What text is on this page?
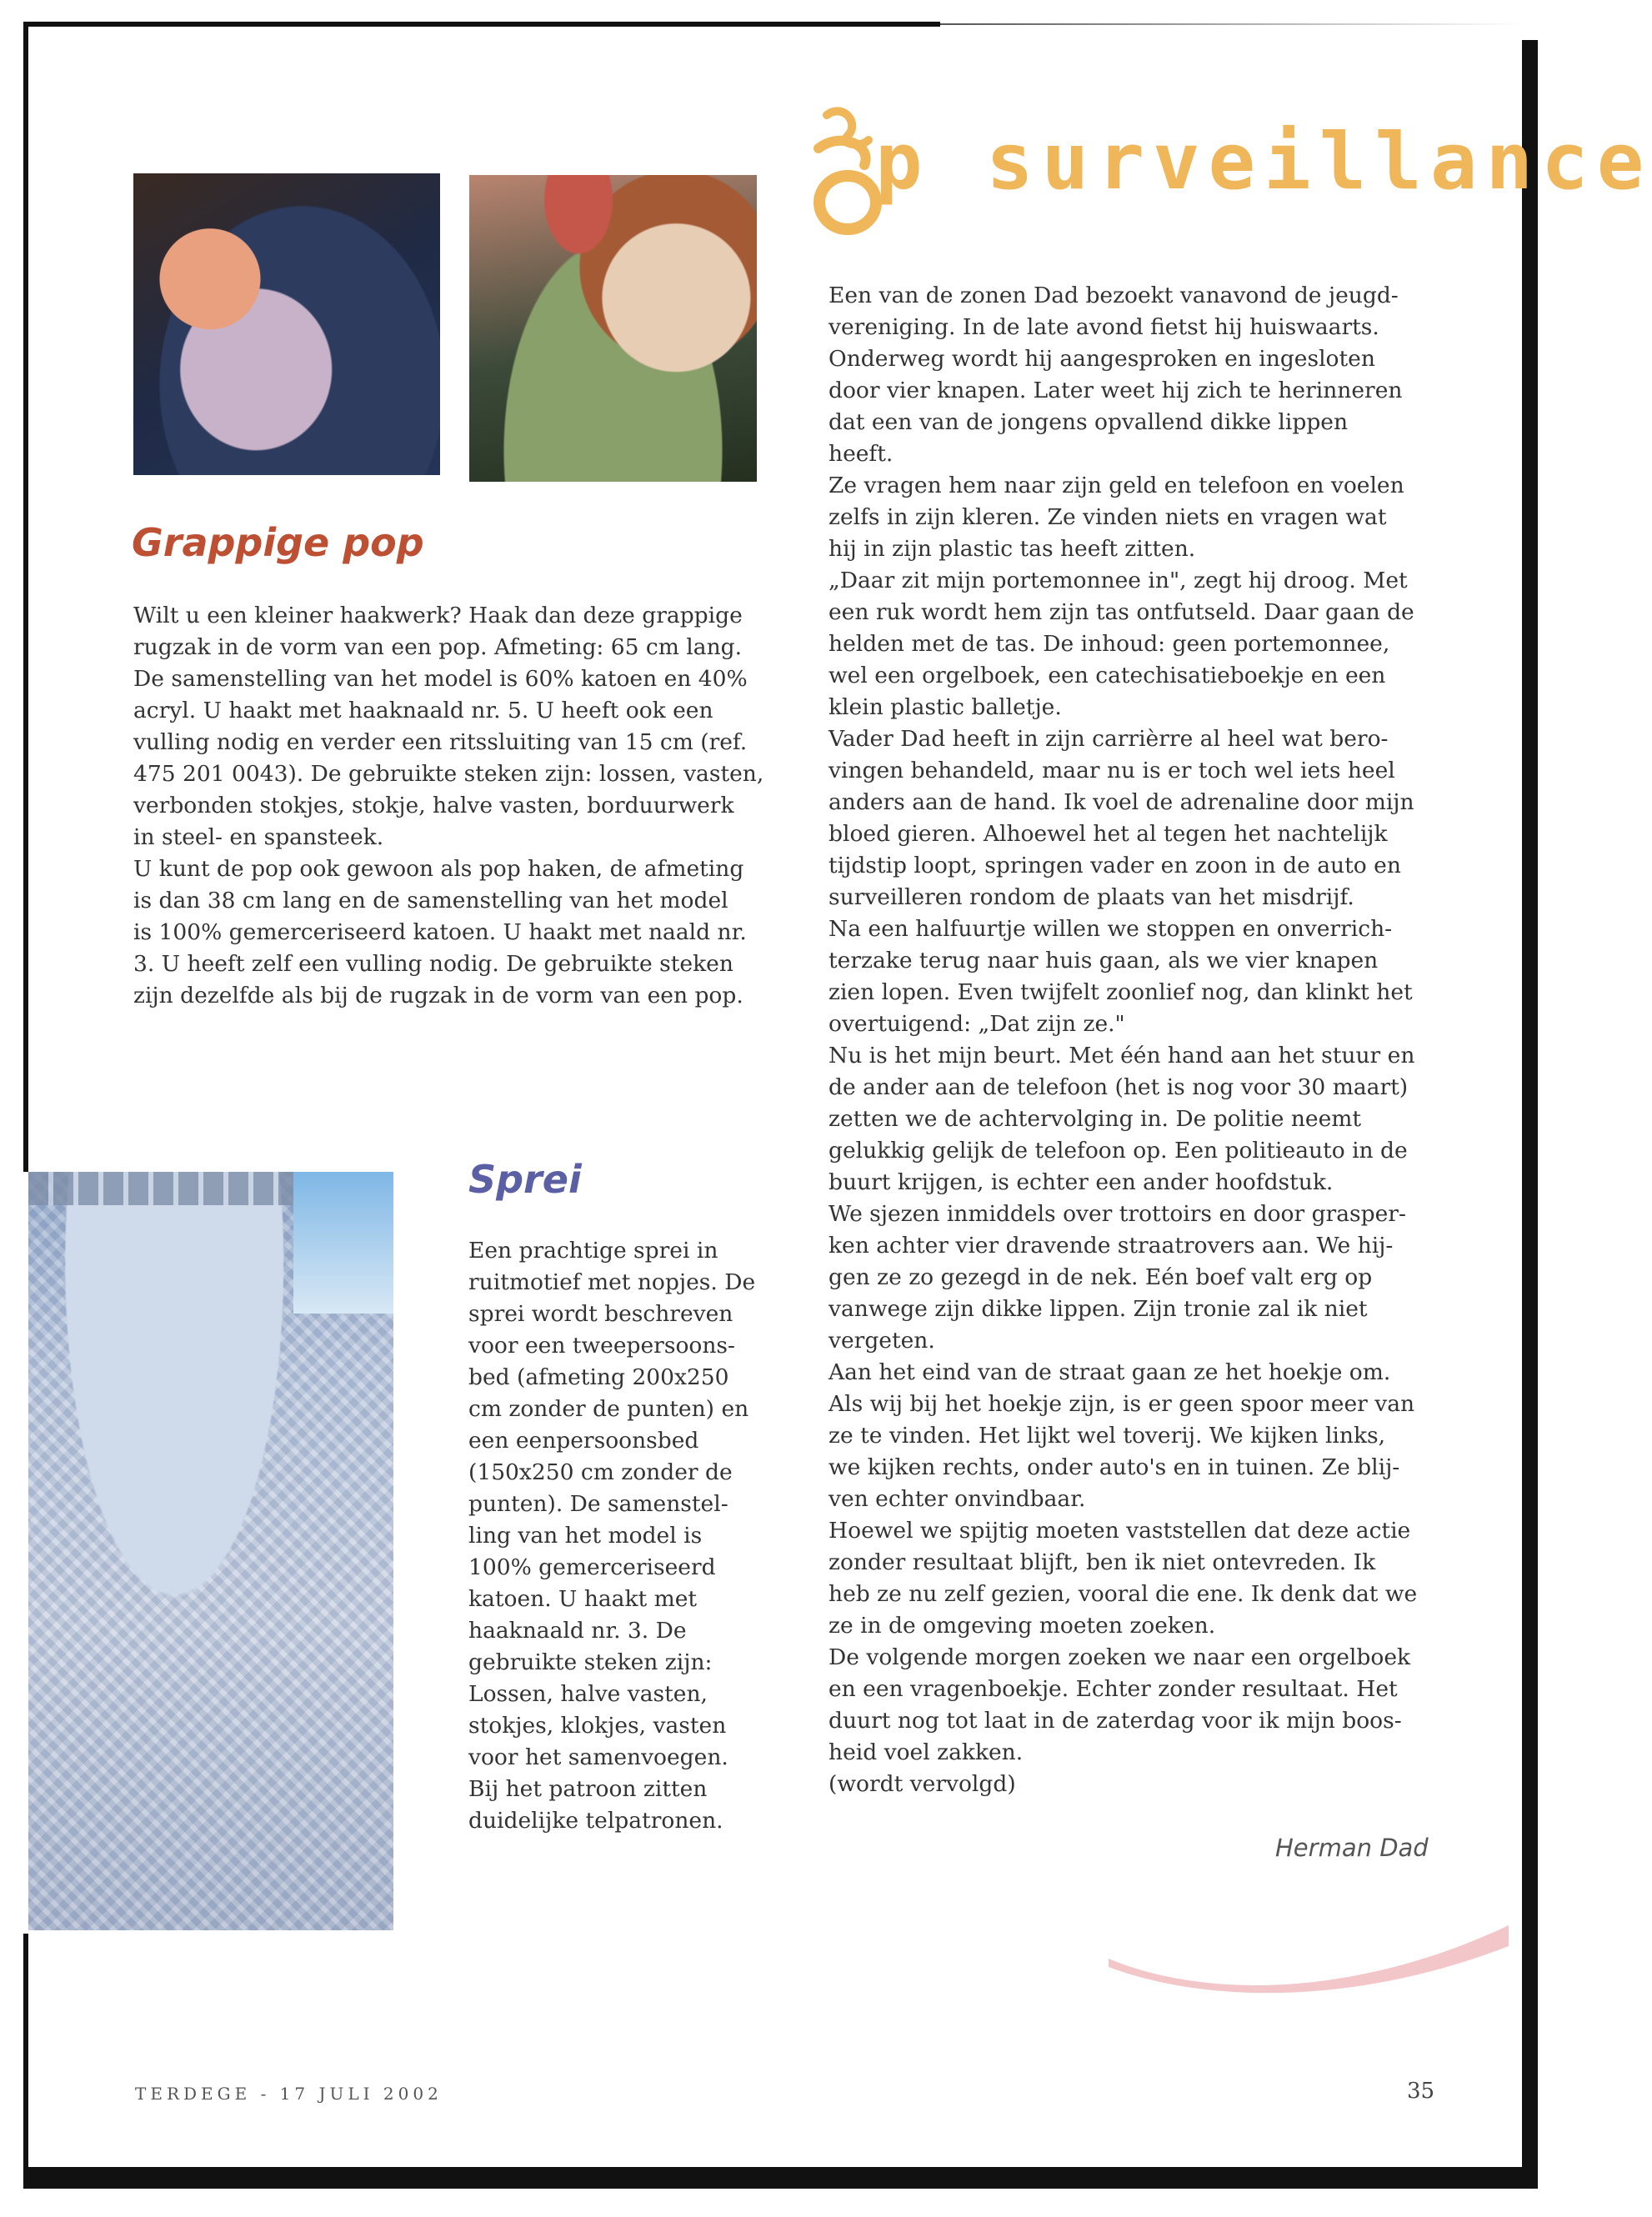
p surveillance
Grappige pop

Wilt u een kleiner haakwerk? Haak dan deze grappige

rugzak in de vorm van een pop. Afmeting: 65 cm lang.

De samenstelling van het model is 60% katoen en 40%

acryl. U haakt met haaknaald nr. 5. U heeft ook een

vulling nodig en verder een ritssluiting van 15 cm (ref.

475 201 0043). De gebruikte steken zijn: lossen, vasten,

verbonden stokjes, stokje, halve vasten, borduurwerk

in steel- en spansteek.

U kunt de pop ook gewoon als pop haken, de afmeting

is dan 38 cm lang en de samenstelling van het model

is 100% gemerceriseerd katoen. U haakt met naald nr.

3. U heeft zelf een vulling nodig. De gebruikte steken

zijn dezelfde als bij de rugzak in de vorm van een pop.

Sprei

Een prachtige sprei in

ruitmotief met nopjes. De

sprei wordt beschreven

voor een tweepersoons-

bed (afmeting 200x250

cm zonder de punten) en

een eenpersoonsbed

(150x250 cm zonder de

punten). De samenstel-

ling van het model is

100% gemerceriseerd

katoen. U haakt met

haaknaald nr. 3. De

gebruikte steken zijn:

Lossen, halve vasten,

stokjes, klokjes, vasten

voor het samenvoegen.

Bij het patroon zitten

duidelijke telpatronen.

Een van de zonen Dad bezoekt vanavond de jeugd-

vereniging. In de late avond fietst hij huiswaarts.

Onderweg wordt hij aangesproken en ingesloten

door vier knapen. Later weet hij zich te herinneren

dat een van de jongens opvallend dikke lippen

heeft.

Ze vragen hem naar zijn geld en telefoon en voelen

zelfs in zijn kleren. Ze vinden niets en vragen wat

hij in zijn plastic tas heeft zitten.

„Daar zit mijn portemonnee in", zegt hij droog. Met

een ruk wordt hem zijn tas ontfutseld. Daar gaan de

helden met de tas. De inhoud: geen portemonnee,

wel een orgelboek, een catechisatieboekje en een

klein plastic balletje.

Vader Dad heeft in zijn carrièrre al heel wat bero-

vingen behandeld, maar nu is er toch wel iets heel

anders aan de hand. Ik voel de adrenaline door mijn

bloed gieren. Alhoewel het al tegen het nachtelijk

tijdstip loopt, springen vader en zoon in de auto en

surveilleren rondom de plaats van het misdrijf.

Na een halfuurtje willen we stoppen en onverrich-

terzake terug naar huis gaan, als we vier knapen

zien lopen. Even twijfelt zoonlief nog, dan klinkt het

overtuigend: „Dat zijn ze."

Nu is het mijn beurt. Met één hand aan het stuur en

de ander aan de telefoon (het is nog voor 30 maart)

zetten we de achtervolging in. De politie neemt

gelukkig gelijk de telefoon op. Een politieauto in de

buurt krijgen, is echter een ander hoofdstuk.

We sjezen inmiddels over trottoirs en door grasper-

ken achter vier dravende straatrovers aan. We hij-

gen ze zo gezegd in de nek. Eén boef valt erg op

vanwege zijn dikke lippen. Zijn tronie zal ik niet

vergeten.

Aan het eind van de straat gaan ze het hoekje om.

Als wij bij het hoekje zijn, is er geen spoor meer van

ze te vinden. Het lijkt wel toverij. We kijken links,

we kijken rechts, onder auto's en in tuinen. Ze blij-

ven echter onvindbaar.

Hoewel we spijtig moeten vaststellen dat deze actie

zonder resultaat blijft, ben ik niet ontevreden. Ik

heb ze nu zelf gezien, vooral die ene. Ik denk dat we

ze in de omgeving moeten zoeken.

De volgende morgen zoeken we naar een orgelboek

en een vragenboekje. Echter zonder resultaat. Het

duurt nog tot laat in de zaterdag voor ik mijn boos-

heid voel zakken.

(wordt vervolgd)

Herman Dad
TERDEGE - 17 JULI 2002	35
